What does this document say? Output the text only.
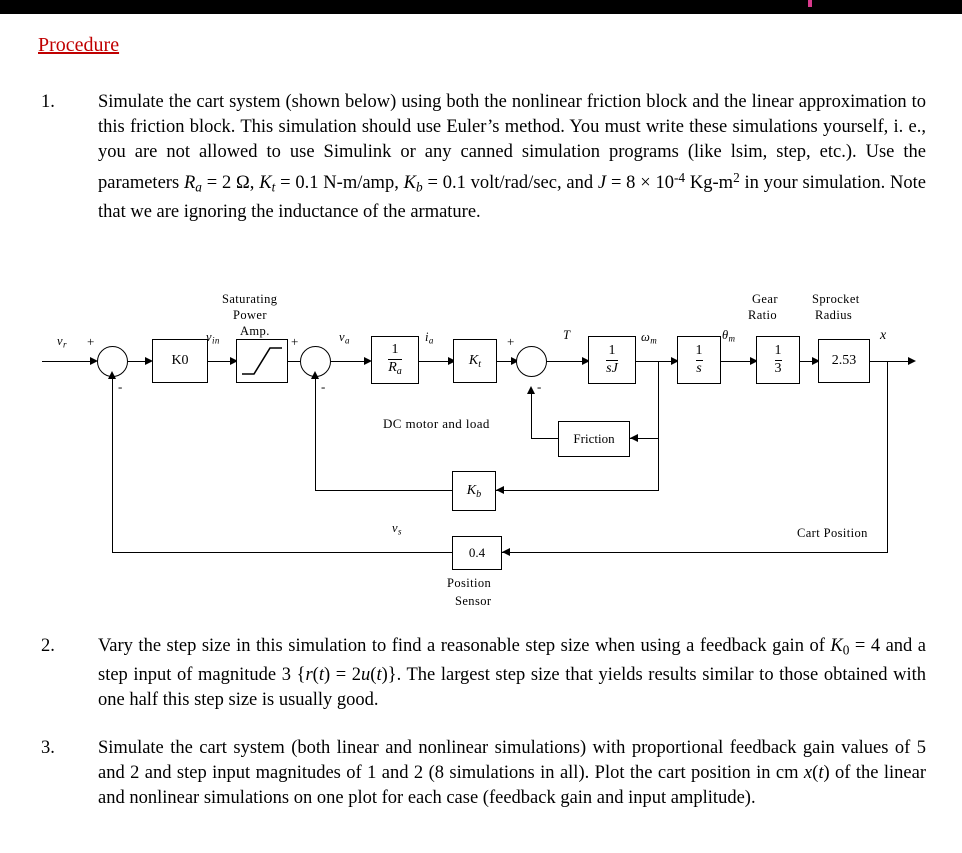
Procedure
1.	Simulate the cart system (shown below) using both the nonlinear friction block and the linear approximation to this friction block. This simulation should use Euler’s method. You must write these simulations yourself, i. e., you are not allowed to use Simulink or any canned simulation programs (like lsim, step, etc.). Use the parameters $R_a = 2$ Ω, $K_t = 0.1$ N-m/amp, $K_b = 0.1$ volt/rad/sec, and $J = 8 \times 10^{-4}$ $Kg-m^2$ in your simulation. Note that we are ignoring the inductance of the armature.
Saturating
Power
Amp.
Gear
Ratio
Sprocket
Radius
$v_r$ +
-
K0
$v_{in}$	+
-
$v_a$
$\frac{1}{R_a}$
$i_a$
$K_t$
+
-
T
$\frac{1}{sJ}$
$\omega_m$
$\frac{1}{s}$
$\theta_m$
$\frac{1}{3}$	2.53
x
DC motor and load
Friction
$K_b$
0.4
Position
Sensor
Cart Position
$v_s$
2.	Vary the step size in this simulation to find a reasonable step size when using a feedback gain of $K_0 = 4$ and a step input of magnitude 3 {r(t) = 2u(t)}. The largest step size that yields results similar to those obtained with one half this step size is usually good.
3.	Simulate the cart system (both linear and nonlinear simulations) with proportional feedback gain values of 5 and 2 and step input magnitudes of 1 and 2 (8 simulations in all). Plot the cart position in cm x(t) of the linear and nonlinear simulations on one plot for each case (feedback gain and input amplitude).
